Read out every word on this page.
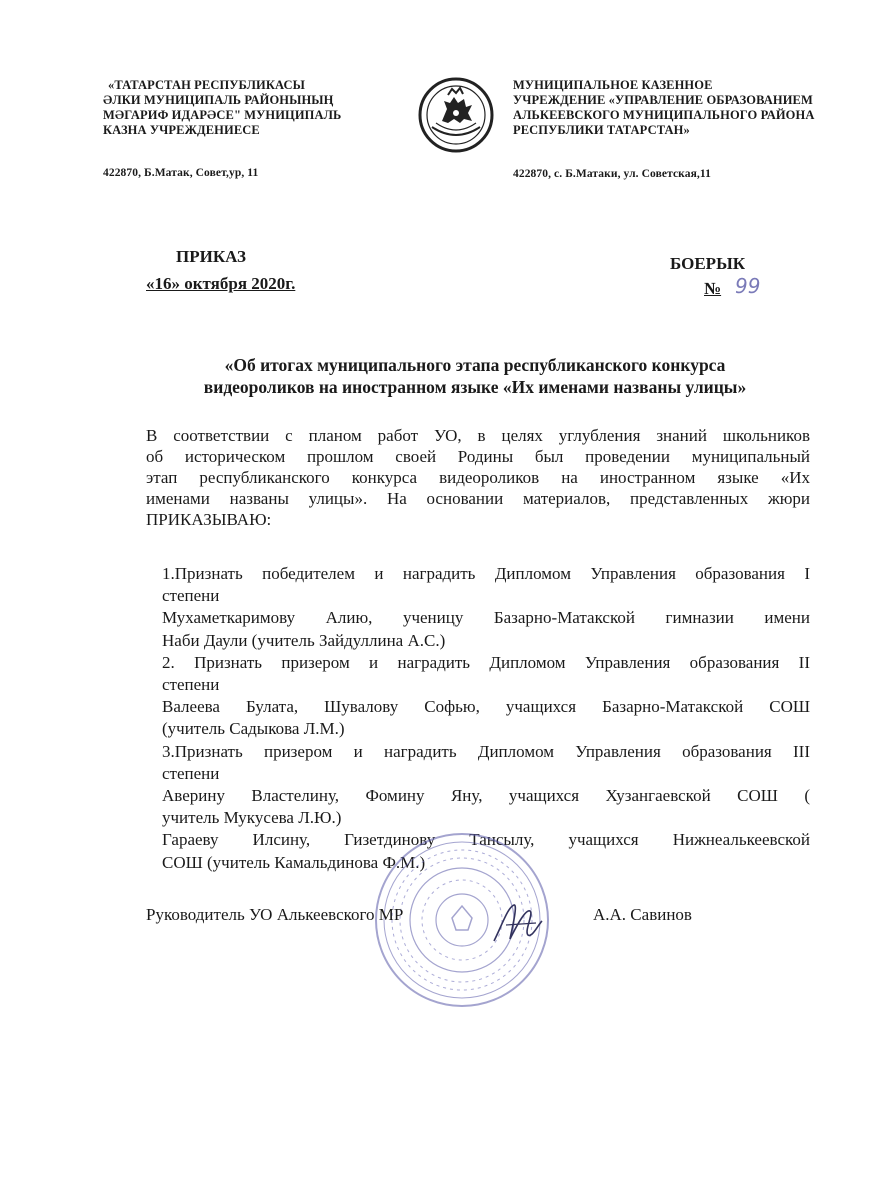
«ТАТАРСТАН РЕСПУБЛИКАСЫ
ӘЛКИ МУНИЦИПАЛЬ РАЙОНЫНЫҢ
МӘГАРИФ ИДАРӘСЕ" МУНИЦИПАЛЬ
КАЗНА УЧРЕЖДЕНИЕСЕ
422870, Б.Матак, Совет,ур, 11
МУНИЦИПАЛЬНОЕ КАЗЕННОЕ
УЧРЕЖДЕНИЕ «УПРАВЛЕНИЕ ОБРАЗОВАНИЕМ
АЛЬКЕЕВСКОГО МУНИЦИПАЛЬНОГО РАЙОНА
РЕСПУБЛИКИ ТАТАРСТАН»
422870, с. Б.Матаки, ул. Советская,11
ПРИКАЗ
«16» октября 2020г.
БОЕРЫК
№ 99
«Об итогах муниципального этапа республиканского конкурса
видеороликов на иностранном языке «Их именами названы улицы»
В соответствии с планом работ УО, в целях углубления знаний школьников
об историческом прошлом своей Родины был проведении муниципальный
этап республиканского конкурса видеороликов на иностранном языке «Их
именами названы улицы». На основании материалов, представленных жюри
ПРИКАЗЫВАЮ:
1.Признать победителем и наградить Дипломом Управления образования I
степени
Мухаметкаримову Алию, ученицу Базарно-Матакской гимназии имени
Наби Даули (учитель Зайдуллина А.С.)
2. Признать призером и наградить Дипломом Управления образования II
степени
Валеева Булата, Шувалову Софью, учащихся Базарно-Матакской СОШ
(учитель Садыкова Л.М.)
3.Признать призером и наградить Дипломом Управления образования III
степени
Аверину Властелину, Фомину Яну, учащихся Хузангаевской СОШ (
учитель Мукусева Л.Ю.)
Гараеву Илсину, Гизетдинову Тансылу, учащихся Нижнеалькеевской
СОШ (учитель Камальдинова Ф.М.)
Руководитель УО Алькеевского МР	А.А. Савинов
